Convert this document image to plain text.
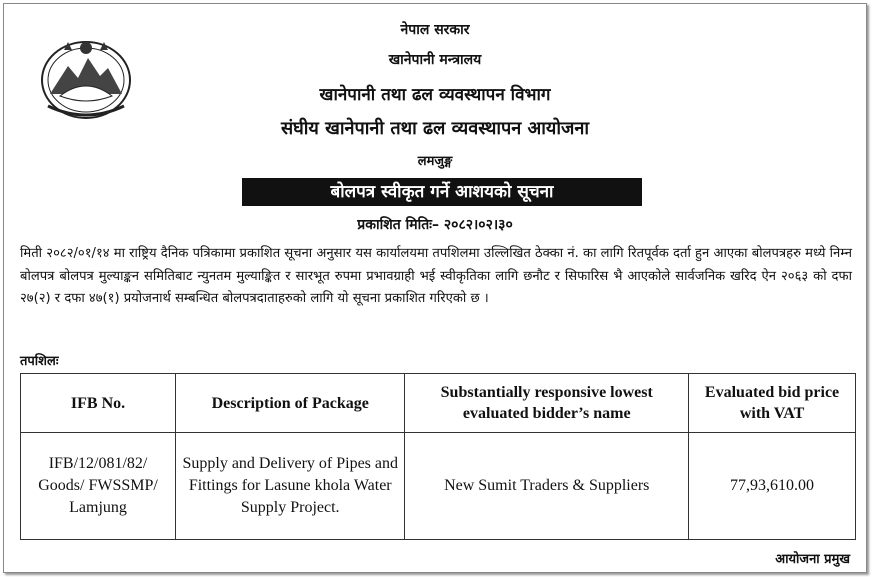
नेपाल सरकार
खानेपानी मन्त्रालय
खानेपानी तथा ढल व्यवस्थापन विभाग
संघीय खानेपानी तथा ढल व्यवस्थापन आयोजना
लमजुङ्ग
बोलपत्र स्वीकृत गर्ने आशयको सूचना
प्रकाशित मितिः– २०८२।०२।३०
मिती २०८२/०१/१४ मा राष्ट्रिय दैनिक पत्रिकामा प्रकाशित सूचना अनुसार यस कार्यालयमा तपशिलमा उल्लिखित ठेक्का नं. का लागि रितपूर्वक दर्ता हुन आएका बोलपत्रहरु मध्ये निम्न बोलपत्र बोलपत्र मुल्याङ्कन समितिबाट न्युनतम मुल्याङ्कित र सारभूत रुपमा प्रभावग्राही भई स्वीकृतिका लागि छनौट र सिफारिस भै आएकोले सार्वजनिक खरिद ऐन २०६३ को दफा २७(२) र दफा ४७(१) प्रयोजनार्थ सम्बन्धित बोलपत्रदाताहरुको लागि यो सूचना प्रकाशित गरिएको छ ।
तपशिलः
IFB No.	Description of Package	Substantially responsive lowest evaluated bidder’s name	Evaluated bid price with VAT
IFB/12/081/82/ Goods/ FWSSMP/ Lamjung	Supply and Delivery of Pipes and Fittings for Lasune khola Water Supply Project.	New Sumit Traders & Suppliers	77,93,610.00
आयोजना प्रमुख
